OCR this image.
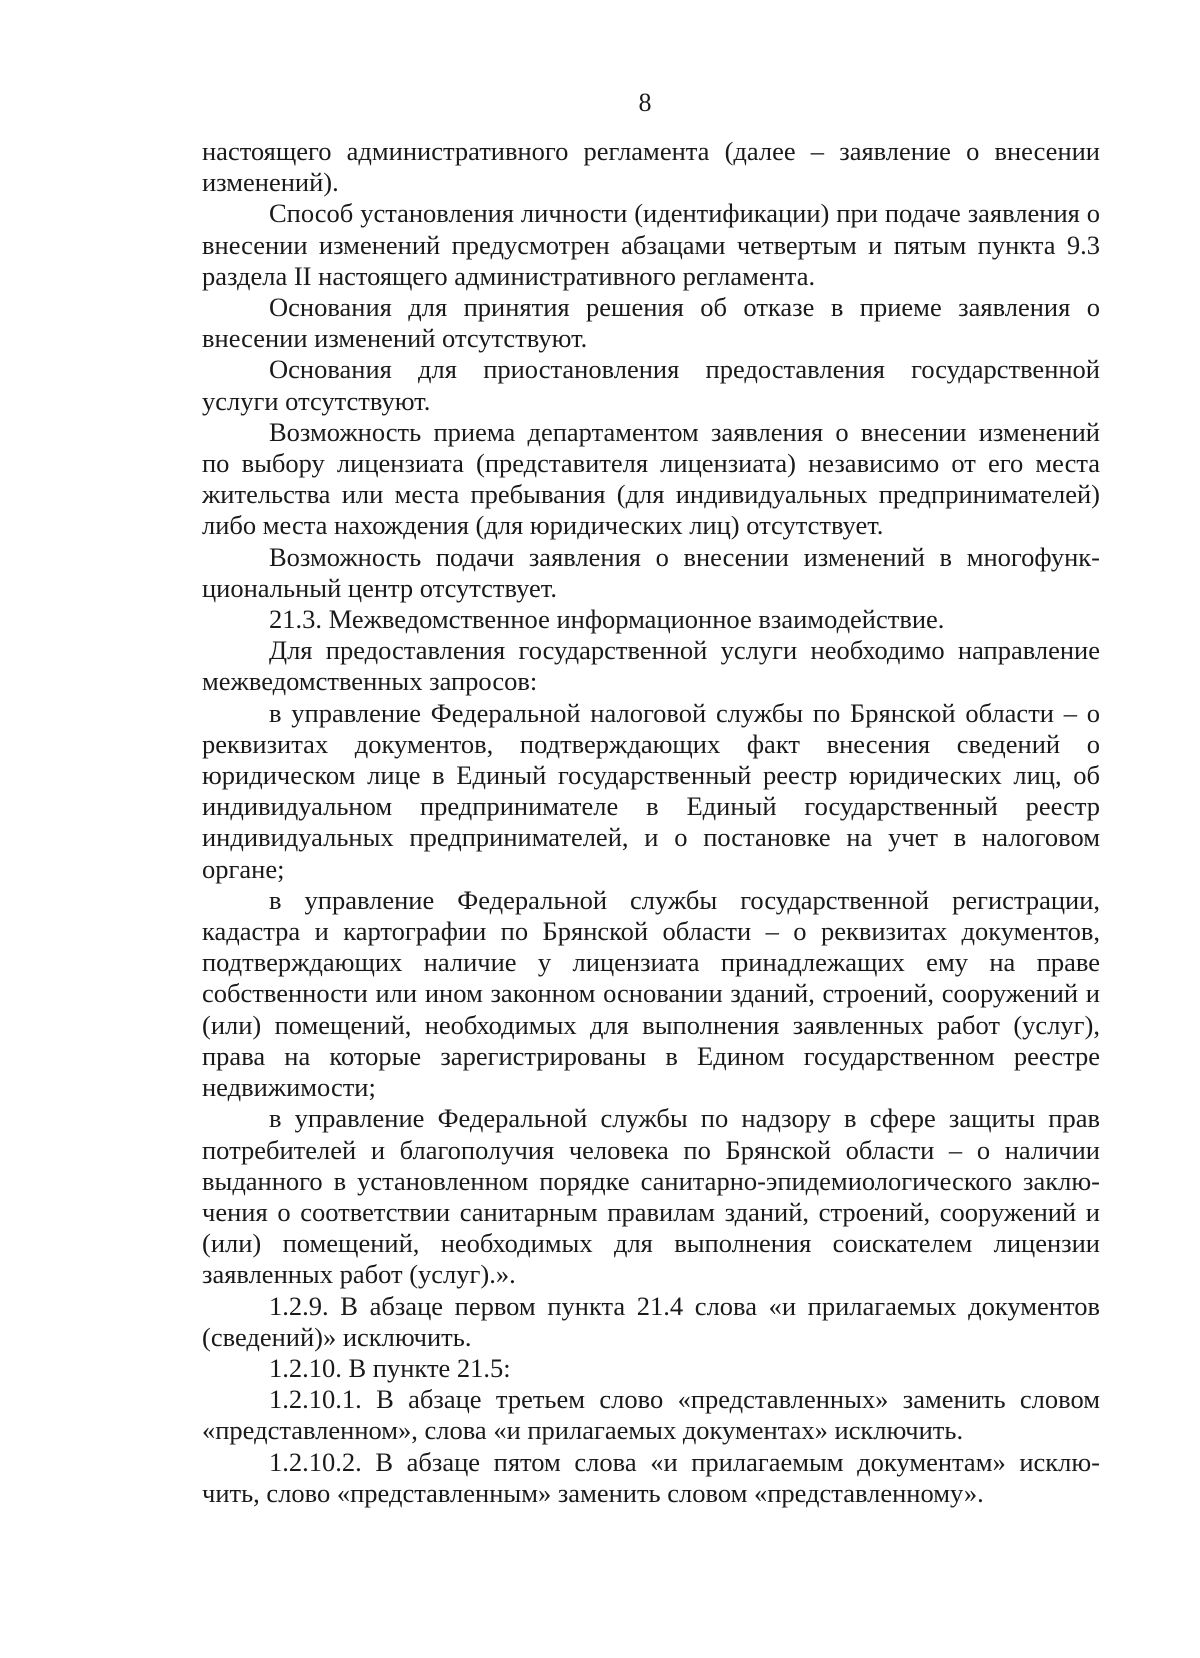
8

настоящего административного регламента (далее – заявление о внесении изменений).

Способ установления личности (идентификации) при подаче заявления о внесении изменений предусмотрен абзацами четвертым и пятым пункта 9.3 раздела II настоящего административного регламента.

Основания для принятия решения об отказе в приеме заявления о внесении изменений отсутствуют.

Основания для приостановления предоставления государственной услуги отсутствуют.

Возможность приема департаментом заявления о внесении изменений по выбору лицензиата (представителя лицензиата) независимо от его места жительства или места пребывания (для индивидуальных предпринимателей) либо места нахождения (для юридических лиц) отсутствует.

Возможность подачи заявления о внесении изменений в многофунк-циональный центр отсутствует.

21.3. Межведомственное информационное взаимодействие.

Для предоставления государственной услуги необходимо направление межведомственных запросов:

в управление Федеральной налоговой службы по Брянской области – о реквизитах документов, подтверждающих факт внесения сведений о юридическом лице в Единый государственный реестр юридических лиц, об индивидуальном предпринимателе в Единый государственный реестр индивидуальных предпринимателей, и о постановке на учет в налоговом органе;

в управление Федеральной службы государственной регистрации, кадастра и картографии по Брянской области – о реквизитах документов, подтверждающих наличие у лицензиата принадлежащих ему на праве собственности или ином законном основании зданий, строений, сооружений и (или) помещений, необходимых для выполнения заявленных работ (услуг), права на которые зарегистрированы в Едином государственном реестре недвижимости;

в управление Федеральной службы по надзору в сфере защиты прав потребителей и благополучия человека по Брянской области – о наличии выданного в установленном порядке санитарно-эпидемиологического заклю-чения о соответствии санитарным правилам зданий, строений, сооружений и (или) помещений, необходимых для выполнения соискателем лицензии заявленных работ (услуг).».

1.2.9. В абзаце первом пункта 21.4 слова «и прилагаемых документов (сведений)» исключить.

1.2.10. В пункте 21.5:

1.2.10.1. В абзаце третьем слово «представленных» заменить словом «представленном», слова «и прилагаемых документах» исключить.

1.2.10.2. В абзаце пятом слова «и прилагаемым документам» исклю-чить, слово «представленным» заменить словом «представленному».
